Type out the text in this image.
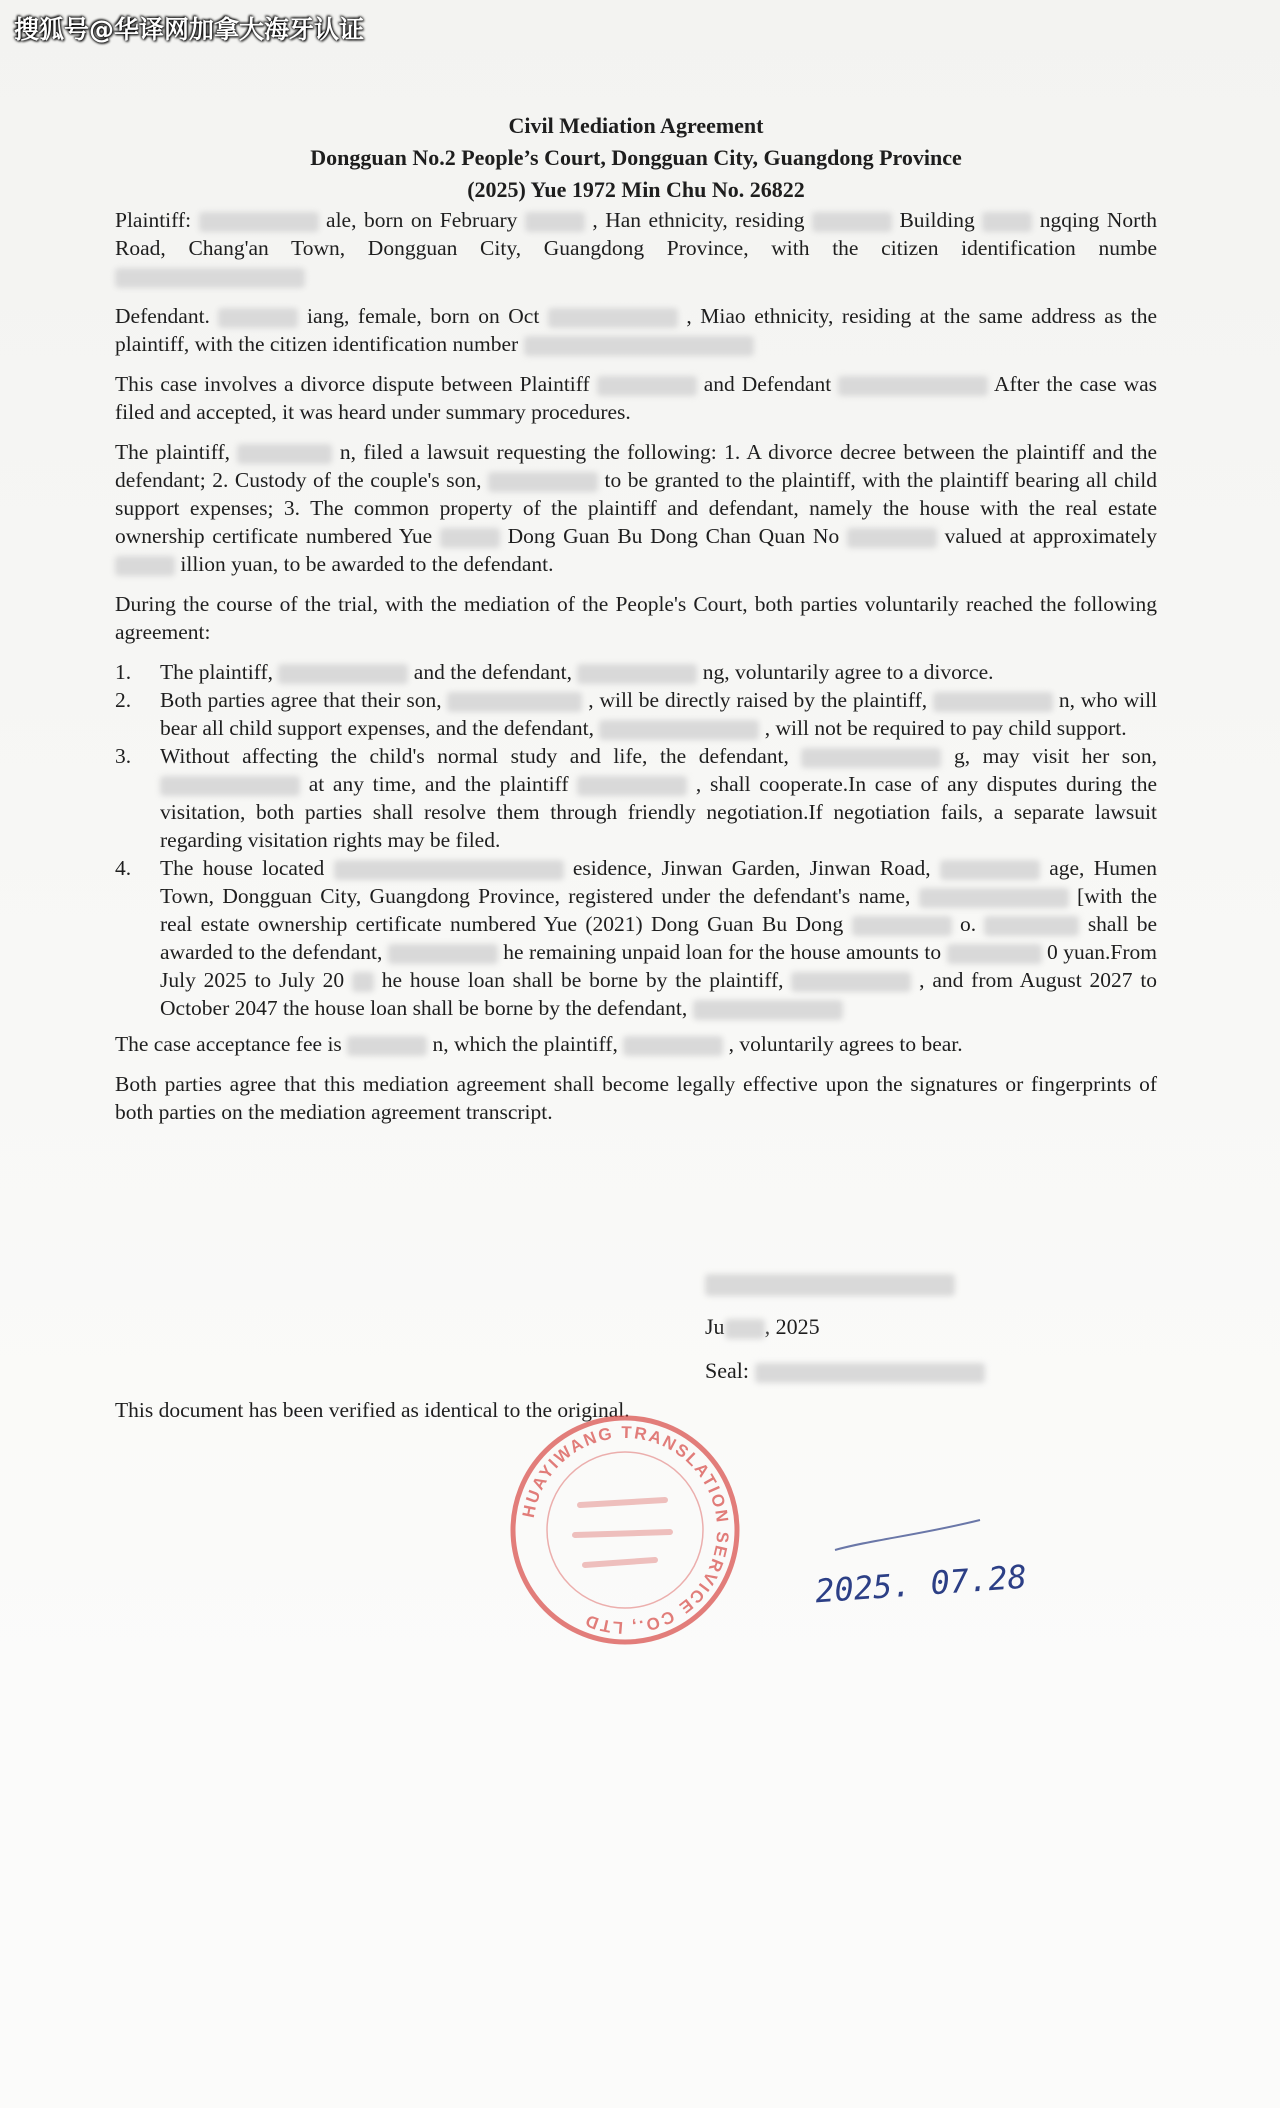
搜狐号@华译网加拿大海牙认证
Civil Mediation Agreement
Dongguan No.2 People’s Court, Dongguan City, Guangdong Province
(2025) Yue 1972 Min Chu No. 26822

Plaintiff:	ale, born on February	, Han ethnicity, residing	Building	ngqing North Road, Chang'an Town, Dongguan City, Guangdong Province, with the citizen identification numbe

Defendant.	iang, female, born on Oct	, Miao ethnicity, residing at the same address as the plaintiff, with the citizen identification number

This case involves a divorce dispute between Plaintiff	and Defendant	After the case was filed and accepted, it was heard under summary procedures.

The plaintiff,	n, filed a lawsuit requesting the following: 1. A divorce decree between the plaintiff and the defendant; 2. Custody of the couple's son,	to be granted to the plaintiff, with the plaintiff bearing all child support expenses; 3. The common property of the plaintiff and defendant, namely the house with the real estate ownership certificate numbered Yue	Dong Guan Bu Dong Chan Quan No	valued at approximately  illion yuan, to be awarded to the defendant.

During the course of the trial, with the mediation of the People's Court, both parties voluntarily reached the following agreement:

1. The plaintiff,	and the defendant,	ng, voluntarily agree to a divorce.
2. Both parties agree that their son,	, will be directly raised by the plaintiff,	n, who will bear all child support expenses, and the defendant,	, will not be required to pay child support.
3. Without affecting the child's normal study and life, the defendant,	g, may visit her son,  at any time, and the plaintiff	, shall cooperate.In case of any disputes during the visitation, both parties shall resolve them through friendly negotiation.If negotiation fails, a separate lawsuit regarding visitation rights may be filed.
4. The house located	esidence, Jinwan Garden, Jinwan Road,	age, Humen Town, Dongguan City, Guangdong Province, registered under the defendant's name,	[with the real estate ownership certificate numbered Yue (2021) Dong Guan Bu Dong	o.	shall be awarded to the defendant,	he remaining unpaid loan for the house amounts to	0 yuan.From July 2025 to July 20 he house loan shall be borne by the plaintiff,	, and from August 2027 to October 2047 the house loan shall be borne by the defendant,

The case acceptance fee is	n, which the plaintiff,	, voluntarily agrees to bear.

Both parties agree that this mediation agreement shall become legally effective upon the signatures or fingerprints of both parties on the mediation agreement transcript.

Ju , 2025
Seal:
This document has been verified as identical to the original.
HUAYIWANG TRANSLATION SERVICE CO., LTD
2025. 07.28
